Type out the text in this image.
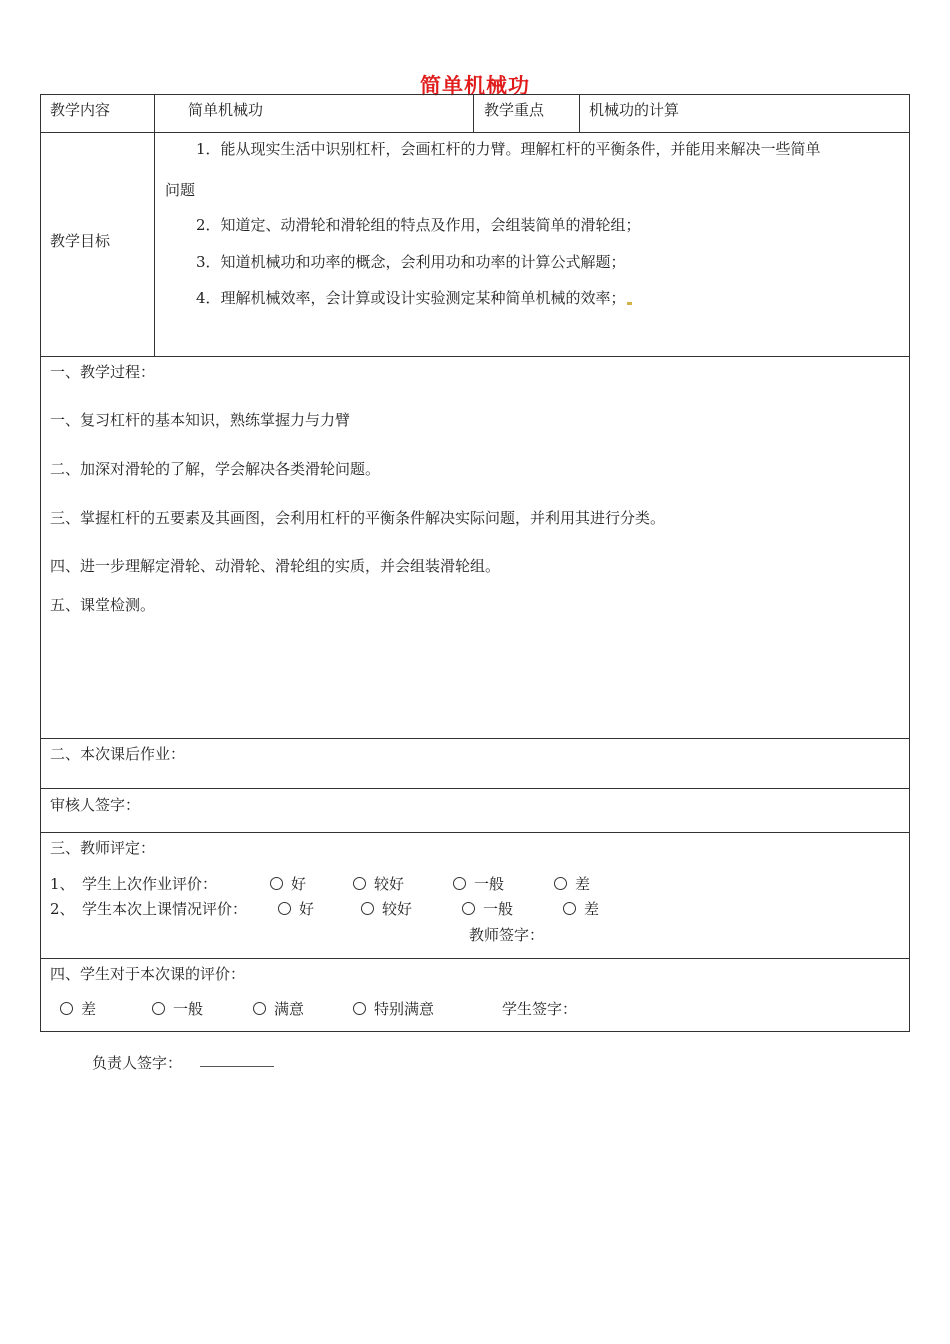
简单机械功
教学内容	简单机械功	教学重点	机械功的计算
教学目标
1．能从现实生活中识别杠杆，会画杠杆的力臂。理解杠杆的平衡条件，并能用来解决一些简单
问题
2．知道定、动滑轮和滑轮组的特点及作用，会组装简单的滑轮组；
3．知道机械功和功率的概念，会利用功和功率的计算公式解题；
4．理解机械效率，会计算或设计实验测定某种简单机械的效率；
一、教学过程：
一、复习杠杆的基本知识，熟练掌握力与力臂
二、加深对滑轮的了解，学会解决各类滑轮问题。
三、掌握杠杆的五要素及其画图，会利用杠杆的平衡条件解决实际问题，并利用其进行分类。
四、进一步理解定滑轮、动滑轮、滑轮组的实质，并会组装滑轮组。
五、课堂检测。
二、本次课后作业：
审核人签字：
三、教师评定：
1、　学生上次作业评价：	好	较好	一般	差
2、　学生本次上课情况评价：	好	较好	一般	差
教师签字：
四、学生对于本次课的评价：
差	一般	满意	特别满意	学生签字：
负责人签字：
